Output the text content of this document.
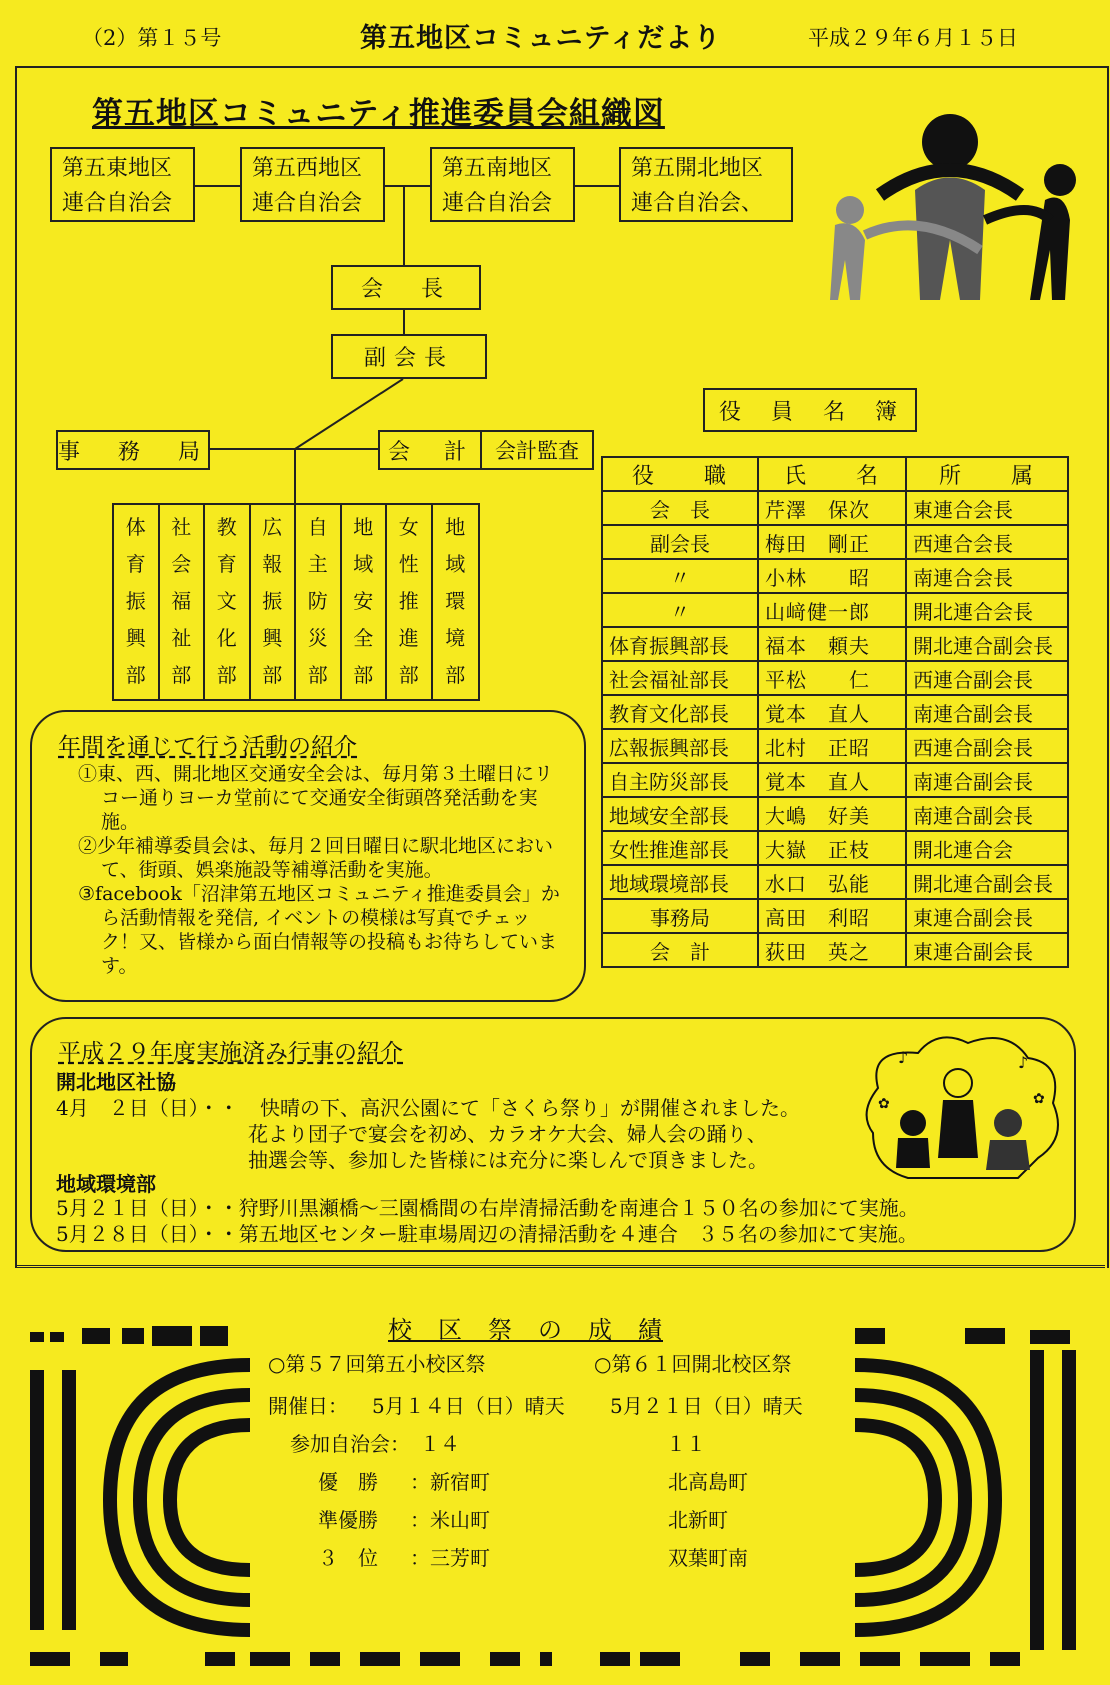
（2）第１５号	第五地区コミュニティだより	平成２９年６月１５日
第五地区コミュニティ推進委員会組織図
第五東地区
連合自治会
第五西地区
連合自治会
第五南地区
連合自治会
第五開北地区
連合自治会、
会　長
副会長
事　務　局	会　計	会計監査
体
育
振
興
部
社
会
福
祉
部
教
育
文
化
部
広
報
振
興
部
自
主
防
災
部
地
域
安
全
部
女
性
推
進
部
地
域
環
境
部
役　員　名　簿
役　　職	氏　　名	所　　属
会　長	芹澤　保次	東連合会長
副会長	梅田　剛正	西連合会長
〃	小林　　昭	南連合会長
〃	山﨑健一郎	開北連合会長
体育振興部長	福本　頼夫	開北連合副会長
社会福祉部長	平松　　仁	西連合副会長
教育文化部長	覚本　直人	南連合副会長
広報振興部長	北村　正昭	西連合副会長
自主防災部長	覚本　直人	南連合副会長
地域安全部長	大嶋　好美	南連合副会長
女性推進部長	大嶽　正枝	開北連合会
地域環境部長	水口　弘能	開北連合副会長
事務局	高田　利昭	東連合副会長
会　計	荻田　英之	東連合副会長
年間を通じて行う活動の紹介

①東、西、開北地区交通安全会は、毎月第３土曜日にリコー通りヨーカ堂前にて交通安全街頭啓発活動を実施。

②少年補導委員会は、毎月２回日曜日に駅北地区において、街頭、娯楽施設等補導活動を実施。

③facebook「沼津第五地区コミュニティ推進委員会」から活動情報を発信, イベントの模様は写真でチェック！又、皆様から面白情報等の投稿もお待ちしています。

平成２９年度実施済み行事の紹介
開北地区社協
4月　２日（日）・・ 快晴の下、高沢公園にて「さくら祭り」が開催されました。
花より団子で宴会を初め、カラオケ大会、婦人会の踊り、
抽選会等、参加した皆様には充分に楽しんで頂きました。
地域環境部
5月２１日（日）・・狩野川黒瀬橋～三園橋間の右岸清掃活動を南連合１５０名の参加にて実施。
5月２８日（日）・・第五地区センター駐車場周辺の清掃活動を４連合　３５名の参加にて実施。
♪	♪
✿	✿
校　区　祭　の　成　績
○第５７回第五小校区祭	○第６１回開北校区祭
開催日： 5月１４日（日）晴天 5月２１日（日）晴天
参加自治会： １４	１１
優　勝 ：新宿町	北高島町
準優勝 ：米山町	北新町
３　位 ：三芳町	双葉町南
